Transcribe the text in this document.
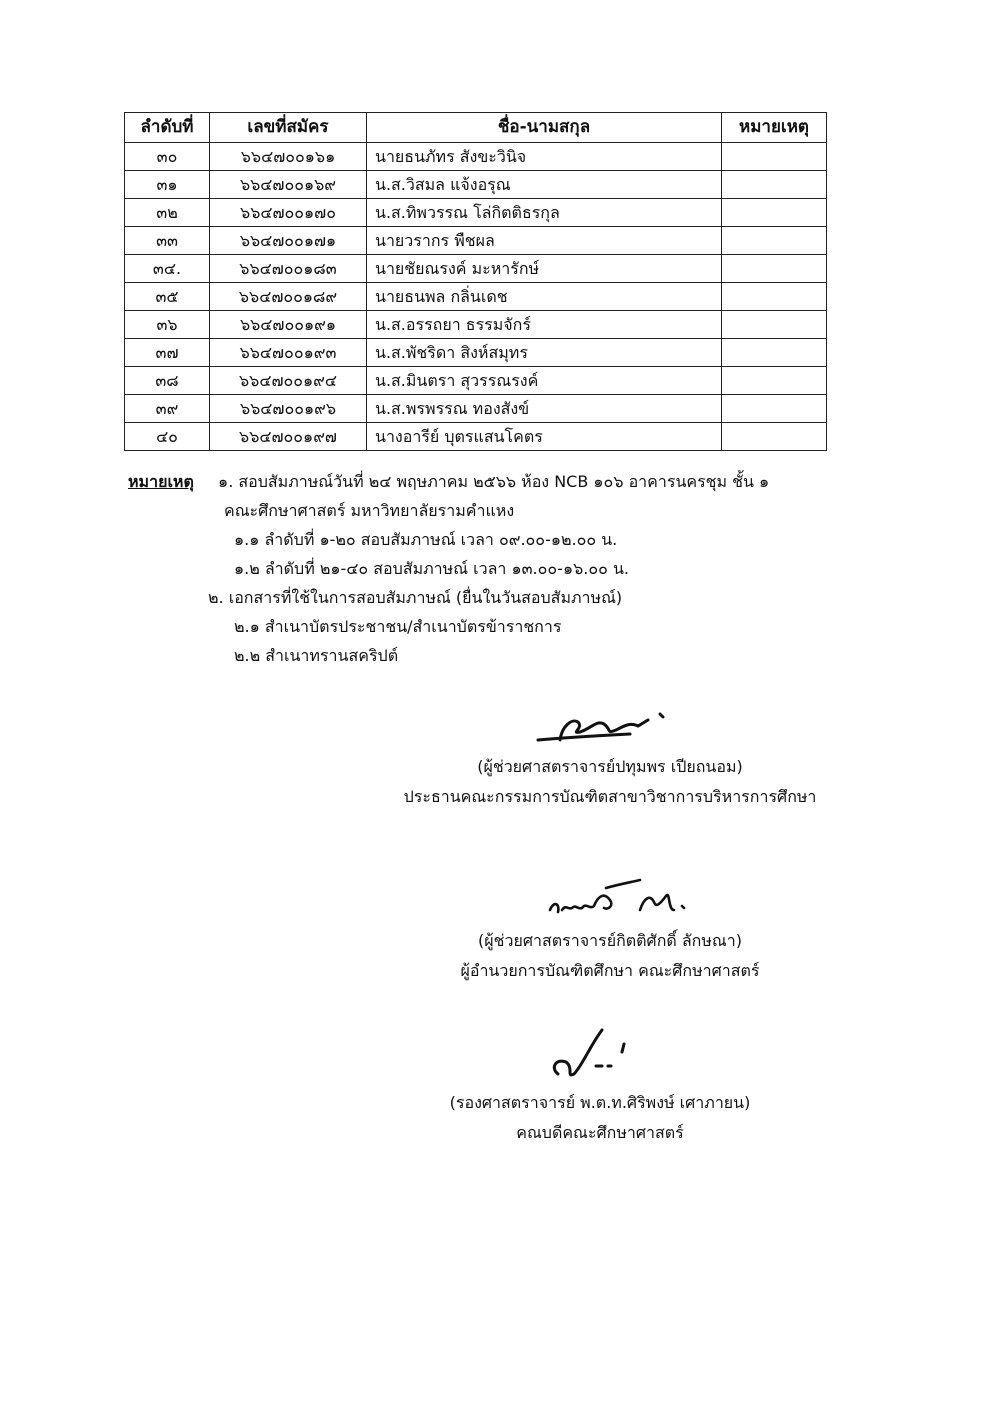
ลำดับที่	เลขที่สมัคร	ชื่อ-นามสกุล	หมายเหตุ
๓๐	๖๖๔๗๐๐๑๖๑	นายธนภัทร สังขะวินิจ	
๓๑	๖๖๔๗๐๐๑๖๙	น.ส.วิสมล แจ้งอรุณ	
๓๒	๖๖๔๗๐๐๑๗๐	น.ส.ทิพวรรณ โล่กิตติธรกุล	
๓๓	๖๖๔๗๐๐๑๗๑	นายวรากร พืชผล	
๓๔.	๖๖๔๗๐๐๑๘๓	นายชัยณรงค์ มะหารักษ์	
๓๕	๖๖๔๗๐๐๑๘๙	นายธนพล กลิ่นเดช	
๓๖	๖๖๔๗๐๐๑๙๑	น.ส.อรรถยา ธรรมจักร์	
๓๗	๖๖๔๗๐๐๑๙๓	น.ส.พัชริดา สิงห์สมุทร	
๓๘	๖๖๔๗๐๐๑๙๔	น.ส.มินตรา สุวรรณรงค์	
๓๙	๖๖๔๗๐๐๑๙๖	น.ส.พรพรรณ ทองสังข์	
๔๐	๖๖๔๗๐๐๑๙๗	นางอารีย์ บุตรแสนโคตร	
หมายเหตุ ๑. สอบสัมภาษณ์วันที่ ๒๔ พฤษภาคม ๒๕๖๖ ห้อง NCB ๑๐๖ อาคารนครชุม ชั้น ๑
คณะศึกษาศาสตร์ มหาวิทยาลัยรามคำแหง
๑.๑ ลำดับที่ ๑-๒๐ สอบสัมภาษณ์ เวลา ๐๙.๐๐-๑๒.๐๐ น.
๑.๒ ลำดับที่ ๒๑-๔๐ สอบสัมภาษณ์ เวลา ๑๓.๐๐-๑๖.๐๐ น.
๒. เอกสารที่ใช้ในการสอบสัมภาษณ์ (ยื่นในวันสอบสัมภาษณ์)
๒.๑ สำเนาบัตรประชาชน/สำเนาบัตรข้าราชการ
๒.๒ สำเนาทรานสคริปต์
(ผู้ช่วยศาสตราจารย์ปทุมพร เปียถนอม)
ประธานคณะกรรมการบัณฑิตสาขาวิชาการบริหารการศึกษา
(ผู้ช่วยศาสตราจารย์กิตติศักดิ์ ลักษณา)
ผู้อำนวยการบัณฑิตศึกษา คณะศึกษาศาสตร์
(รองศาสตราจารย์ พ.ต.ท.ศิริพงษ์ เศาภายน)
คณบดีคณะศึกษาศาสตร์
